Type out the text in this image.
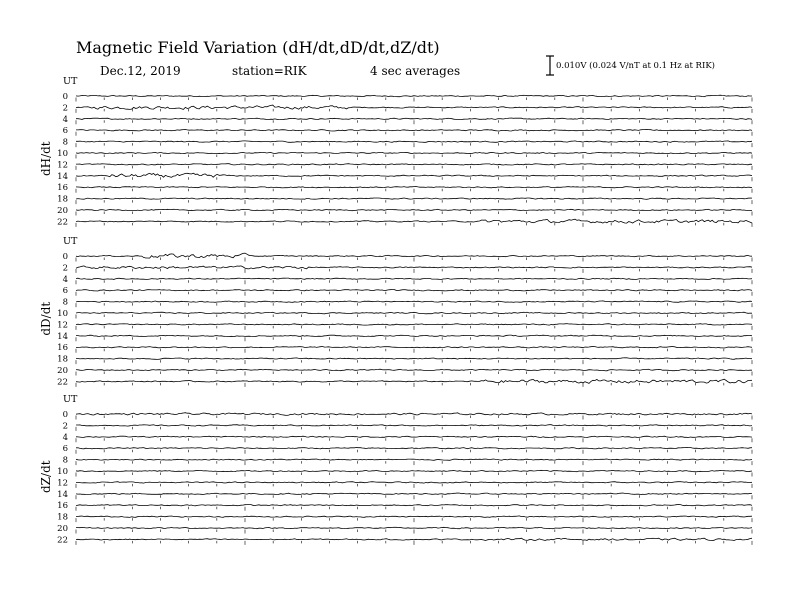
Magnetic Field Variation (dH/dt,dD/dt,dZ/dt)
Dec.12, 2019	station=RIK	4 sec averages	0.010V (0.024 V/nT at 0.1 Hz at RIK)
UT
dH/dt
0
2
4
6
8
10
12
14
16
18
20
22
UT
dD/dt
0
2
4
6
8
10
12
14
16
18
20
22
UT
dZ/dt
0
2
4
6
8
10
12
14
16
18
20
22
